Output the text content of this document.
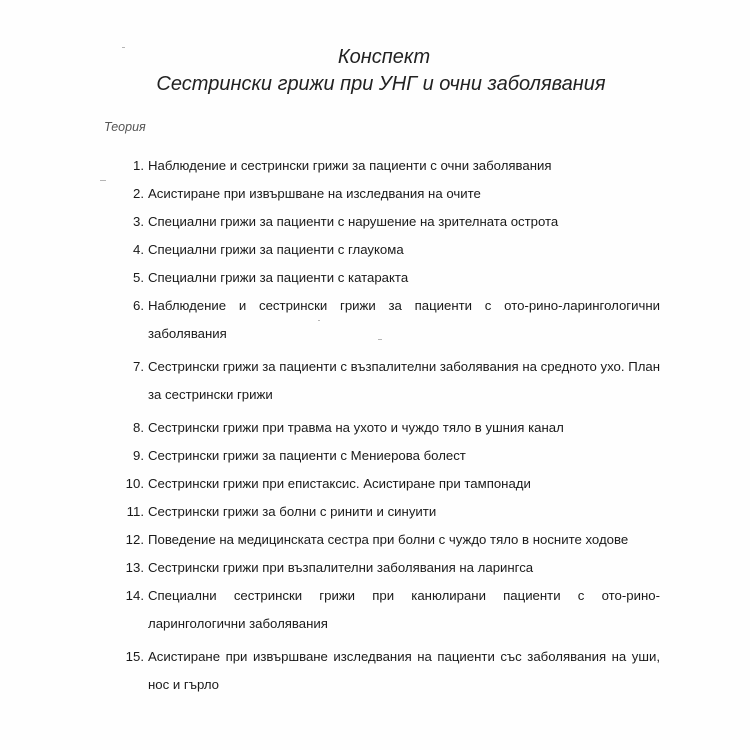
Конспект

Сестрински грижи при УНГ и очни заболявания

Теория

1. Наблюдение и сестрински грижи за пациенти с очни заболявания
2. Асистиране при извършване на изследвания на очите
3. Специални грижи за пациенти с нарушение на зрителната острота
4. Специални грижи за пациенти с глаукома
5. Специални грижи за пациенти с катаракта
6. Наблюдение и сестрински грижи за пациенти с ото-рино-ларингологични заболявания
7. Сестрински грижи за пациенти с възпалителни заболявания на средното ухо. План за сестрински грижи
8. Сестрински грижи при травма на ухото и чуждо тяло в ушния канал
9. Сестрински грижи за пациенти с Мениерова болест
10. Сестрински грижи при епистаксис. Асистиране при тампонади
11. Сестрински грижи за болни с ринити и синуити
12. Поведение на медицинската сестра при болни с чуждо тяло в носните ходове
13. Сестрински грижи при възпалителни заболявания на ларингса
14. Специални сестрински грижи при канюлирани пациенти с ото-рино-ларингологични заболявания
15. Асистиране при извършване изследвания на пациенти със заболявания на уши, нос и гърло
